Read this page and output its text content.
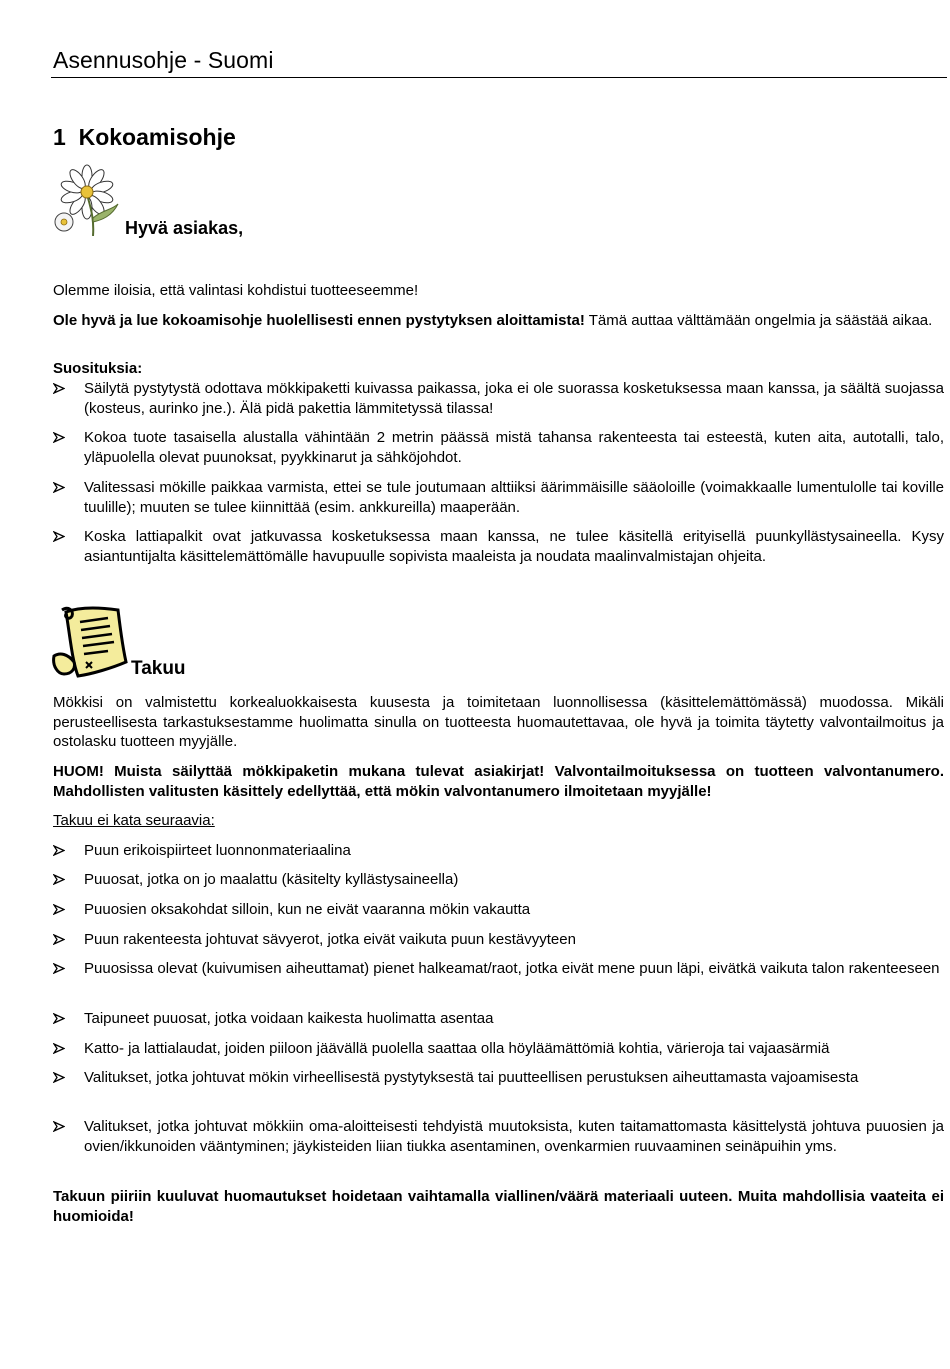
Asennusohje - Suomi
1 Kokoamisohje
Hyvä asiakas,
Olemme iloisia, että valintasi kohdistui tuotteeseemme!
Ole hyvä ja lue kokoamisohje huolellisesti ennen pystytyksen aloittamista! Tämä auttaa välttämään ongelmia ja säästää aikaa.
Suosituksia:
Säilytä pystytystä odottava mökkipaketti kuivassa paikassa, joka ei ole suorassa kosketuksessa maan kanssa, ja säältä suojassa (kosteus, aurinko jne.). Älä pidä pakettia lämmitetyssä tilassa!
Kokoa tuote tasaisella alustalla vähintään 2 metrin päässä mistä tahansa rakenteesta tai esteestä, kuten aita, autotalli, talo, yläpuolella olevat puunoksat, pyykkinarut ja sähköjohdot.
Valitessasi mökille paikkaa varmista, ettei se tule joutumaan alttiiksi äärimmäisille sääoloille (voimakkaalle lumentulolle tai koville tuulille); muuten se tulee kiinnittää (esim. ankkureilla) maaperään.
Koska lattiapalkit ovat jatkuvassa kosketuksessa maan kanssa, ne tulee käsitellä erityisellä puunkyllästysaineella. Kysy asiantuntijalta käsittelemättömälle havupuulle sopivista maaleista ja noudata maalinvalmistajan ohjeita.
Takuu
Mökkisi on valmistettu korkealuokkaisesta kuusesta ja toimitetaan luonnollisessa (käsittelemättömässä) muodossa. Mikäli perusteellisesta tarkastuksestamme huolimatta sinulla on tuotteesta huomautettavaa, ole hyvä ja toimita täytetty valvontailmoitus ja ostolasku tuotteen myyjälle.
HUOM! Muista säilyttää mökkipaketin mukana tulevat asiakirjat! Valvontailmoituksessa on tuotteen valvontanumero. Mahdollisten valitusten käsittely edellyttää, että mökin valvontanumero ilmoitetaan myyjälle!
Takuu ei kata seuraavia:
Puun erikoispiirteet luonnonmateriaalina
Puuosat, jotka on jo maalattu (käsitelty kyllästysaineella)
Puuosien oksakohdat silloin, kun ne eivät vaaranna mökin vakautta
Puun rakenteesta johtuvat sävyerot, jotka eivät vaikuta puun kestävyyteen
Puuosissa olevat (kuivumisen aiheuttamat) pienet halkeamat/raot, jotka eivät mene puun läpi, eivätkä vaikuta talon rakenteeseen
Taipuneet puuosat, jotka voidaan kaikesta huolimatta asentaa
Katto- ja lattialaudat, joiden piiloon jäävällä puolella saattaa olla höyläämättömiä kohtia, värieroja tai vajaasärmiä
Valitukset, jotka johtuvat mökin virheellisestä pystytyksestä tai puutteellisen perustuksen aiheuttamasta vajoamisesta
Valitukset, jotka johtuvat mökkiin oma-aloitteisesti tehdyistä muutoksista, kuten taitamattomasta käsittelystä johtuva puuosien ja ovien/ikkunoiden vääntyminen; jäykisteiden liian tiukka asentaminen, ovenkarmien ruuvaaminen seinäpuihin yms.
Takuun piiriin kuuluvat huomautukset hoidetaan vaihtamalla viallinen/väärä materiaali uuteen. Muita mahdollisia vaateita ei huomioida!
